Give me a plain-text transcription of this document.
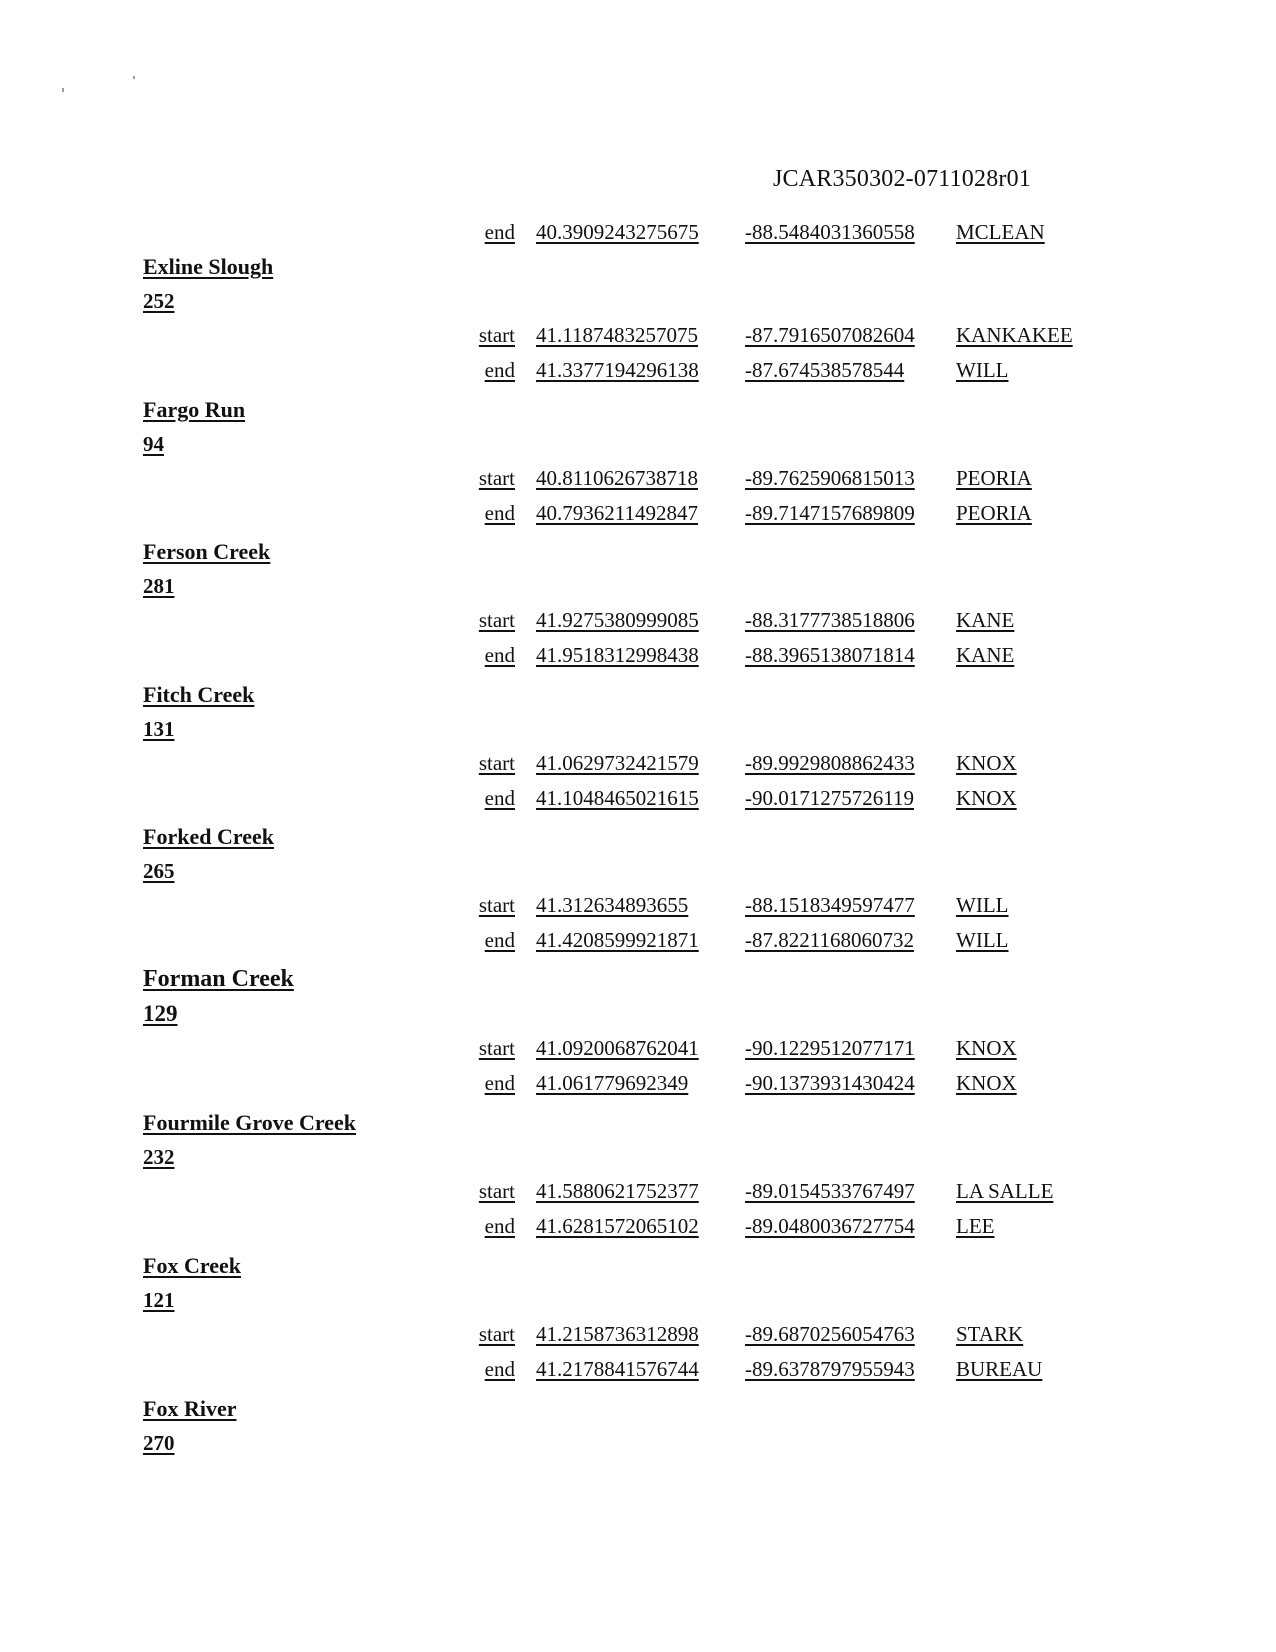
JCAR350302-0711028r01
end 40.3909243275675 -88.5484031360558 MCLEAN
Exline Slough
252
start 41.1187483257075 -87.7916507082604 KANKAKEE
end 41.3377194296138 -87.674538578544 WILL
Fargo Run
94
start 40.8110626738718 -89.7625906815013 PEORIA
end 40.7936211492847 -89.7147157689809 PEORIA
Ferson Creek
281
start 41.9275380999085 -88.3177738518806 KANE
end 41.9518312998438 -88.3965138071814 KANE
Fitch Creek
131
start 41.0629732421579 -89.9929808862433 KNOX
end 41.1048465021615 -90.0171275726119 KNOX
Forked Creek
265
start 41.312634893655	-88.1518349597477 WILL
end 41.4208599921871 -87.8221168060732 WILL
Forman Creek
129
start 41.0920068762041 -90.1229512077171 KNOX
end 41.061779692349	-90.1373931430424 KNOX
Fourmile Grove Creek
232
start 41.5880621752377 -89.0154533767497 LA SALLE
end 41.6281572065102 -89.0480036727754 LEE
Fox Creek
121
start 41.2158736312898 -89.6870256054763 STARK
end 41.2178841576744 -89.6378797955943 BUREAU
Fox River
270
